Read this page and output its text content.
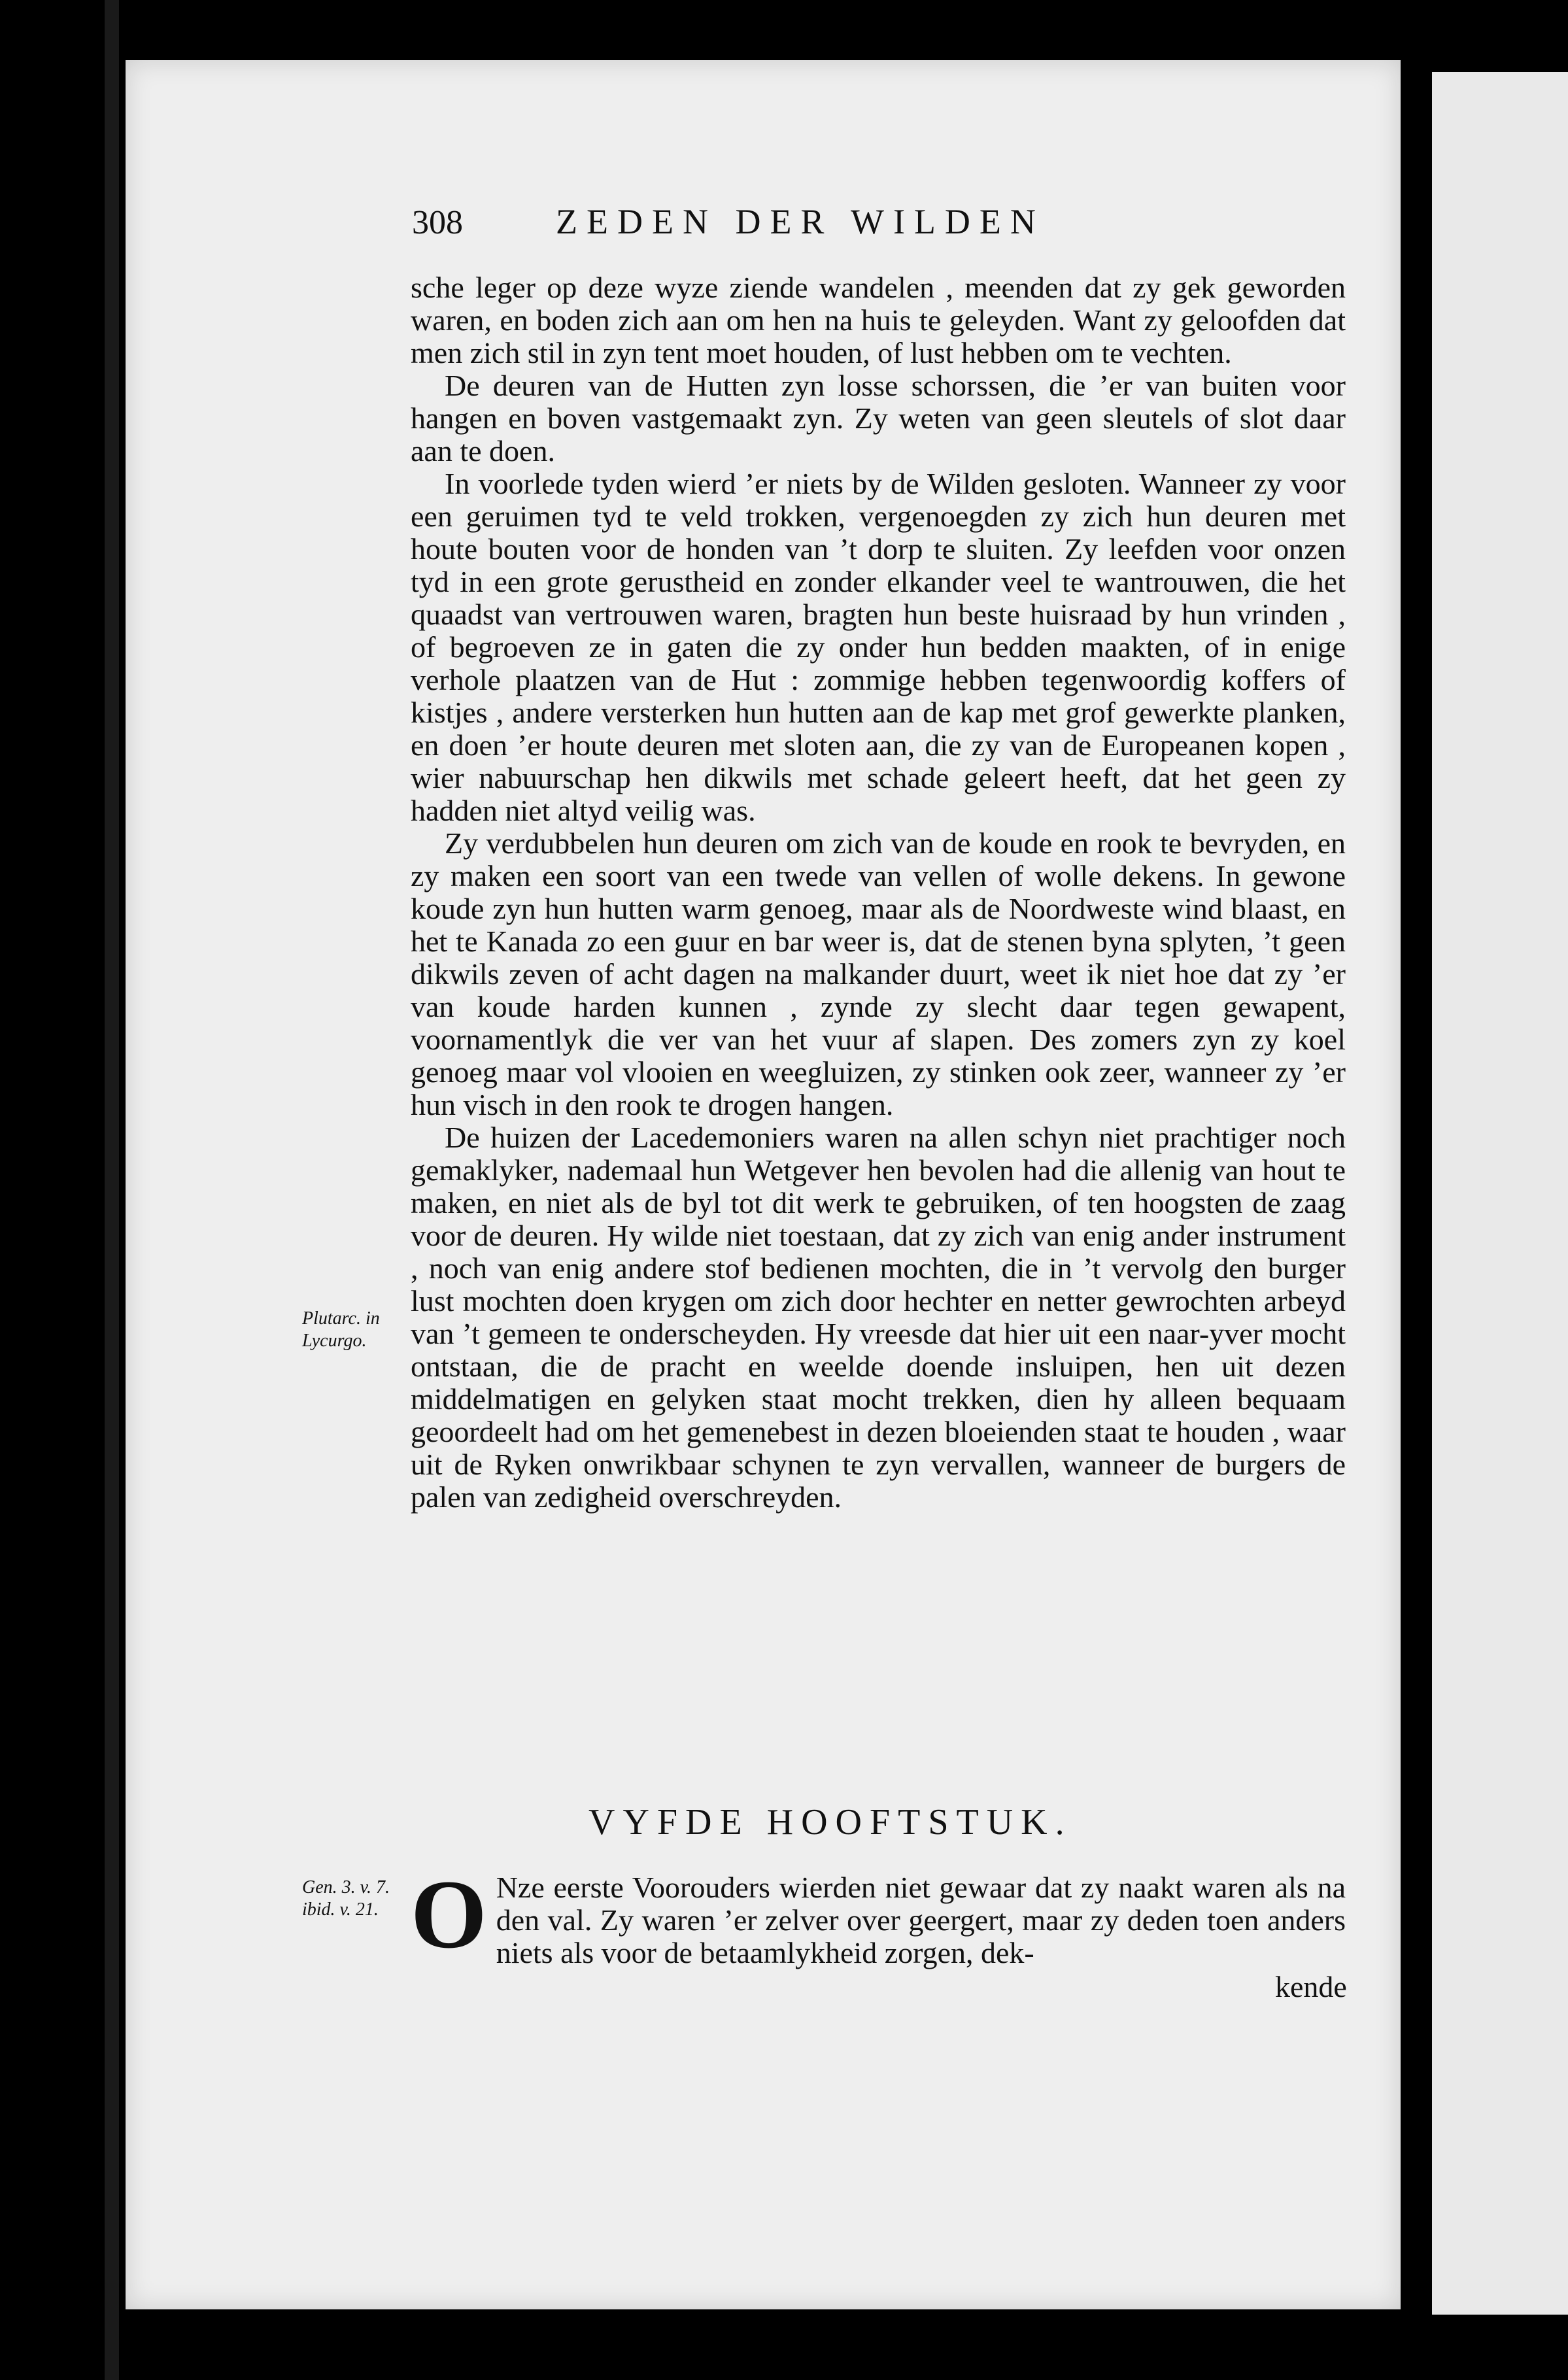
308	ZEDEN DER WILDEN

sche leger op deze wyze ziende wandelen , meenden dat zy gek geworden waren, en boden zich aan om hen na huis te geleyden. Want zy geloofden dat men zich stil in zyn tent moet houden, of lust hebben om te vechten.

De deuren van de Hutten zyn losse schorssen, die ’er van buiten voor hangen en boven vastgemaakt zyn. Zy weten van geen sleutels of slot daar aan te doen.

In voorlede tyden wierd ’er niets by de Wilden gesloten. Wanneer zy voor een geruimen tyd te veld trokken, vergenoegden zy zich hun deuren met houte bouten voor de honden van ’t dorp te sluiten. Zy leefden voor onzen tyd in een grote gerustheid en zonder elkander veel te wantrouwen, die het quaadst van vertrouwen waren, bragten hun beste huisraad by hun vrinden , of begroeven ze in gaten die zy onder hun bedden maakten, of in enige verhole plaatzen van de Hut : zommige hebben tegenwoordig koffers of kistjes , andere versterken hun hutten aan de kap met grof gewerkte planken, en doen ’er houte deuren met sloten aan, die zy van de Europeanen kopen , wier nabuurschap hen dikwils met schade geleert heeft, dat het geen zy hadden niet altyd veilig was.

Zy verdubbelen hun deuren om zich van de koude en rook te bevryden, en zy maken een soort van een twede van vellen of wolle dekens. In gewone koude zyn hun hutten warm genoeg, maar als de Noordweste wind blaast, en het te Kanada zo een guur en bar weer is, dat de stenen byna splyten, ’t geen dikwils zeven of acht dagen na malkander duurt, weet ik niet hoe dat zy ’er van koude harden kunnen , zynde zy slecht daar tegen gewapent, voornamentlyk die ver van het vuur af slapen. Des zomers zyn zy koel genoeg maar vol vlooien en weegluizen, zy stinken ook zeer, wanneer zy ’er hun visch in den rook te drogen hangen.

De huizen der Lacedemoniers waren na allen schyn niet prachtiger noch gemaklyker, nademaal hun Wetgever hen bevolen had die allenig van hout te maken, en niet als de byl tot dit werk te gebruiken, of ten hoogsten de zaag voor de deuren. Hy wilde niet toestaan, dat zy zich van enig ander instrument , noch van enig andere stof bedienen mochten, die in ’t vervolg den burger lust mochten doen krygen om zich door hechter en netter gewrochten arbeyd van ’t gemeen te onderscheyden. Hy vreesde dat hier uit een naar-yver mocht ontstaan, die de pracht en weelde doende insluipen, hen uit dezen middelmatigen en gelyken staat mocht trekken, dien hy alleen bequaam geoordeelt had om het gemenebest in dezen bloeienden staat te houden , waar uit de Ryken onwrikbaar schynen te zyn vervallen, wanneer de burgers de palen van zedigheid overschreyden.

Plutarc. in Lycurgo.
Gen. 3. v. 7. ibid. v. 21.
VYFDE HOOFTSTUK.
O Nze eerste Voorouders wierden niet gewaar dat zy naakt waren als na den val. Zy waren ’er zelver over geergert, maar zy deden toen anders niets als voor de betaamlykheid zorgen, dek-
kende
